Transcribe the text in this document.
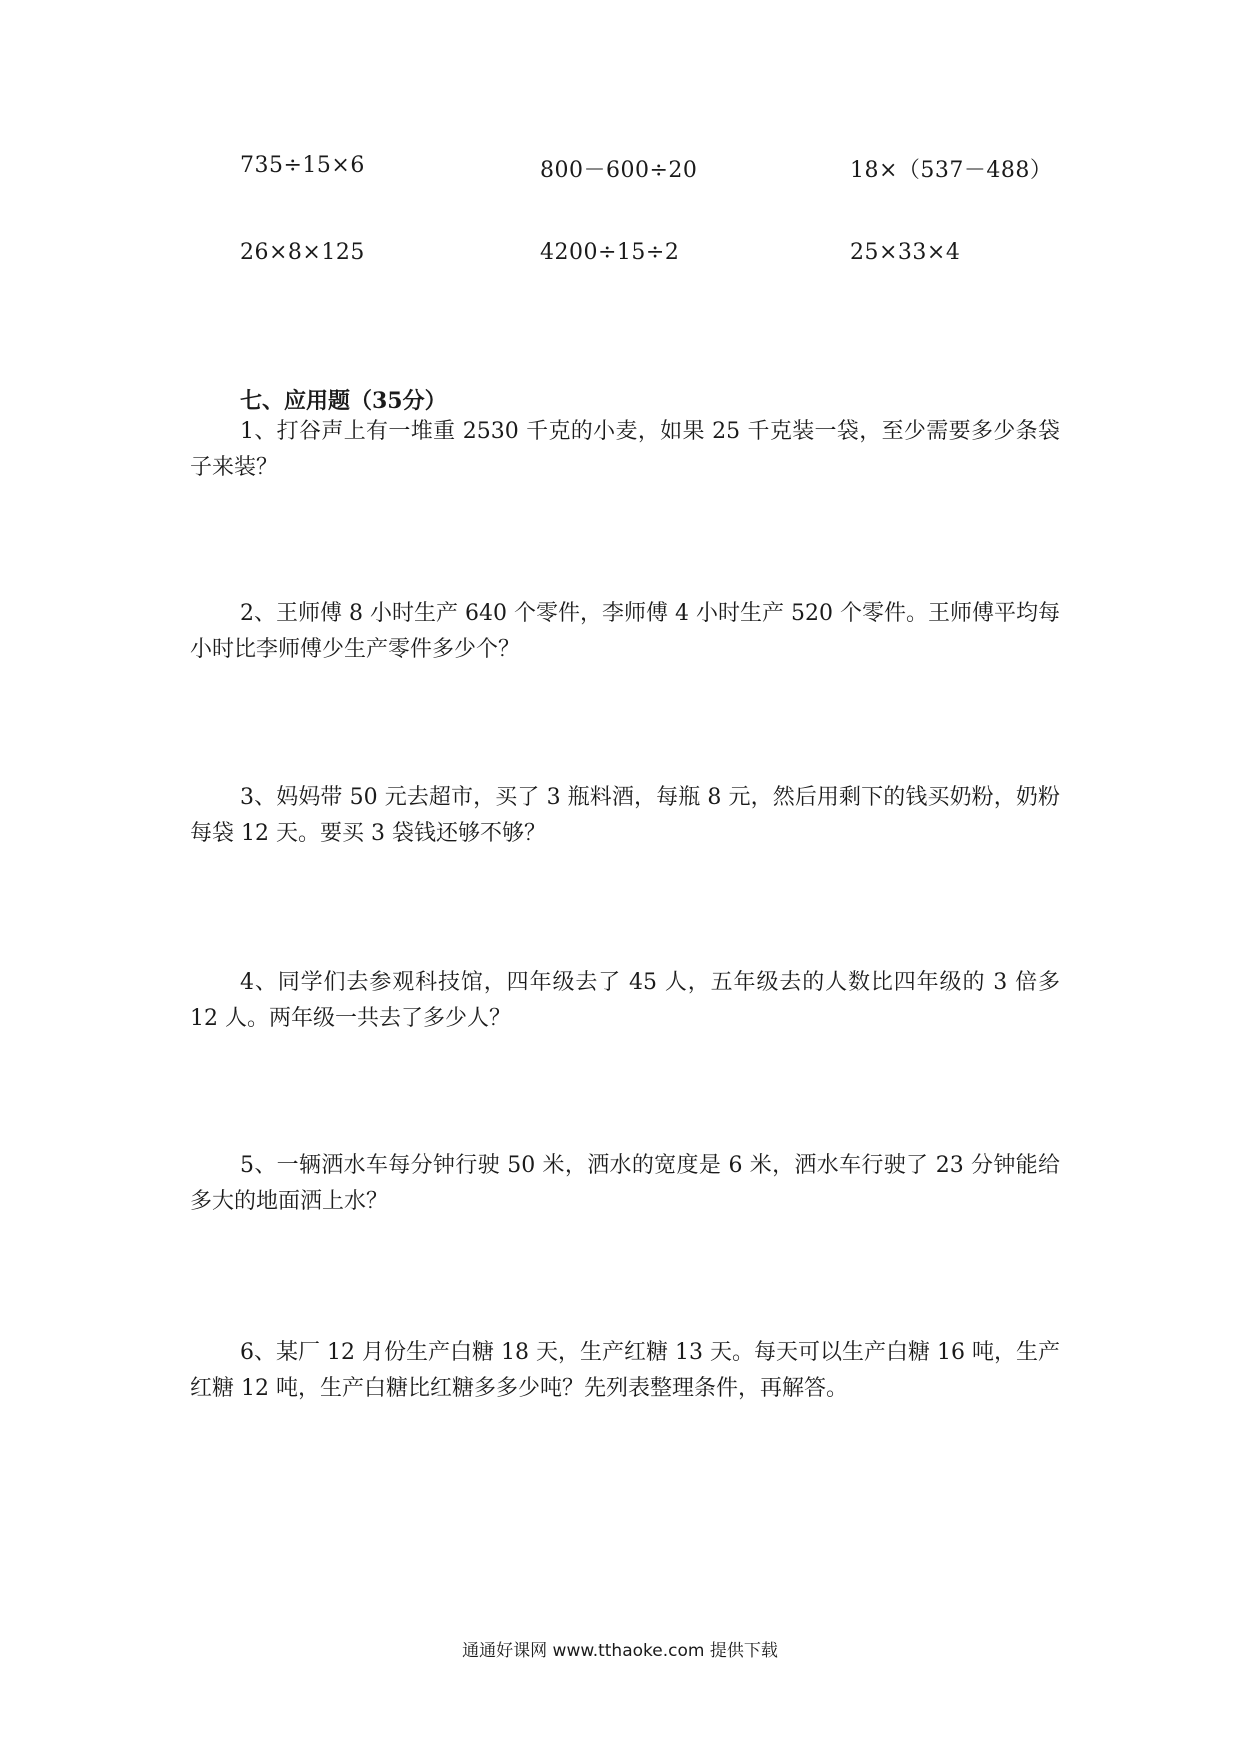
735÷15×6	800－600÷20	18×（537－488）
26×8×125	4200÷15÷2	25×33×4
七、应用题（35分）

1、打谷声上有一堆重 2530 千克的小麦，如果 25 千克装一袋，至少需要多少条袋子来装？

2、王师傅 8 小时生产 640 个零件，李师傅 4 小时生产 520 个零件。王师傅平均每小时比李师傅少生产零件多少个？

3、妈妈带 50 元去超市，买了 3 瓶料酒，每瓶 8 元，然后用剩下的钱买奶粉，奶粉每袋 12 天。要买 3 袋钱还够不够？

4、同学们去参观科技馆，四年级去了 45 人，五年级去的人数比四年级的 3 倍多 12 人。两年级一共去了多少人？

5、一辆洒水车每分钟行驶 50 米，洒水的宽度是 6 米，洒水车行驶了 23 分钟能给多大的地面洒上水？

6、某厂 12 月份生产白糖 18 天，生产红糖 13 天。每天可以生产白糖 16 吨，生产红糖 12 吨，生产白糖比红糖多多少吨？先列表整理条件，再解答。

通通好课网 www.tthaoke.com 提供下载
